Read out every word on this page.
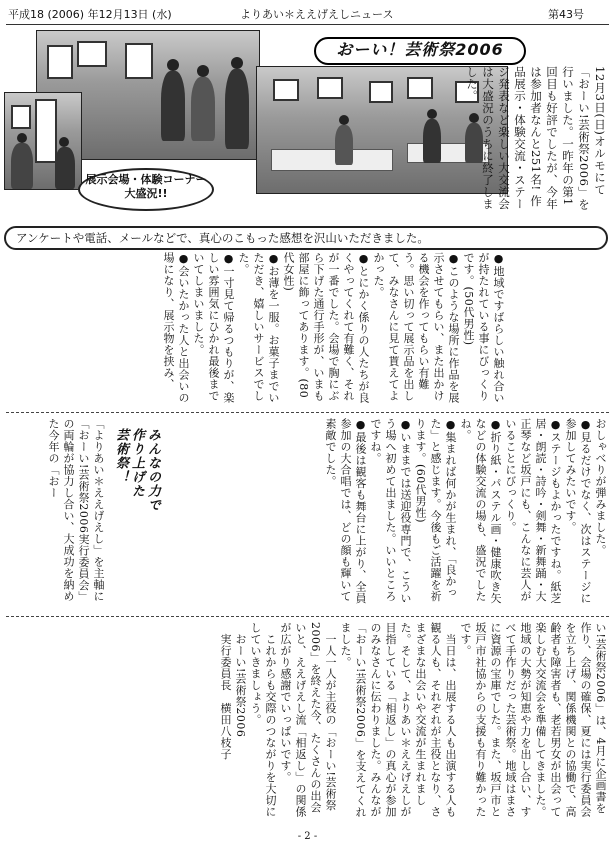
平成18 (2006) 年12月13日 (水)	よりあい＊ええげえしニュース	第43号
展示会場・体験コーナー
大盛況!!
おーい！芸術祭2006
12月3日(日)オルモにて「おーい!芸術祭2006」を行いました。一昨年の第1回目も好評でしたが、今年は参加者なんと251名! 作品展示・体験交流・ステージ発表など楽しい大交流会は大盛況のうちに終了しました。
アンケートや電話、メールなどで、真心のこもった感想を沢山いただきました。
●地域ですばらしい触れ合いが持たれている事にびっくりです。(50代男性)
●このような場所に作品を展示させてもらい、また出かける機会を作ってもらい有難う。思い切って展示品を出して、みなさんに見て貰えてよかった。
●とにかく係りの人たちが良くやってくれて有難く、それが一番でした。会場で胸にぶら下げた通行手形が、いまも部屋に飾ってあります。(80代女性)
●お薄を一服。お菓子までいただき、嬉しいサービスでした。
●一寸見て帰るつもりが、楽しい雰囲気にひかれ最後までいてしまいました。
●会いたかった人と出会いの場になり、展示物を挟み、
おしゃべりが弾みました。
●見るだけでなく、次はステージに参加してみたいです。
●ステージもよかったですね。紙芝居・朗読・詩吟・剣舞・新舞踊・大正琴など坂戸にも、こんなに芸人がいることにびっくり。
●折り紙・パステル画・健康吹き矢などの体験交流の場も、盛況でしたね。
●集まれば何かが生まれ、「良かった」と感じます。今後もご活躍を祈ります。(60代男性)
●いままでは送迎役専門で、こういう場へ初めて出ました。いいところですね。
●最後は観客も舞台に上がり、全員参加の大合唱では、どの顔も輝いて素敵でした。
みんなの力で
作り上げた
芸術祭！
「よりあい＊ええげえし」を主軸に「おーい!芸術祭2006実行委員会」の両輪が協力し合い、大成功を納めた今年の「おー
い!芸術祭2006」は、4月に企画書を作り、会場の確保、夏には実行委員会を立ち上げ、関係機関との協働で、高齢者も障害者も、老若男女が出会って楽しむ大交流会を準備してきました。地域の大勢が知恵や力を出し合い、すべて手作りだった芸術祭。地域はまさに資源の宝庫でした。また、坂戸市と坂戸市社協からの支援も有り難かったです。
　当日は、出展する人も出演する人も観る人も、それぞれが主役となり、さまざまな出会いや交流が生まれました。そして、よりあい＊ええげえしが目指している「相返し」の真心が参加のみなさんに伝わりました。みんなが「おーい!芸術祭2006」を支えてくれました。
　一人一人が主役の「おーい!芸術祭2006」を終えた今、たくさんの出会いと、ええげえし流「相返し」の関係が広がり感謝でいっぱいです。
　これからも交際のつながりを大切にしていきましょう。
　おーい!芸術祭2006
　実行委員長　横田八枝子
- 2 -
